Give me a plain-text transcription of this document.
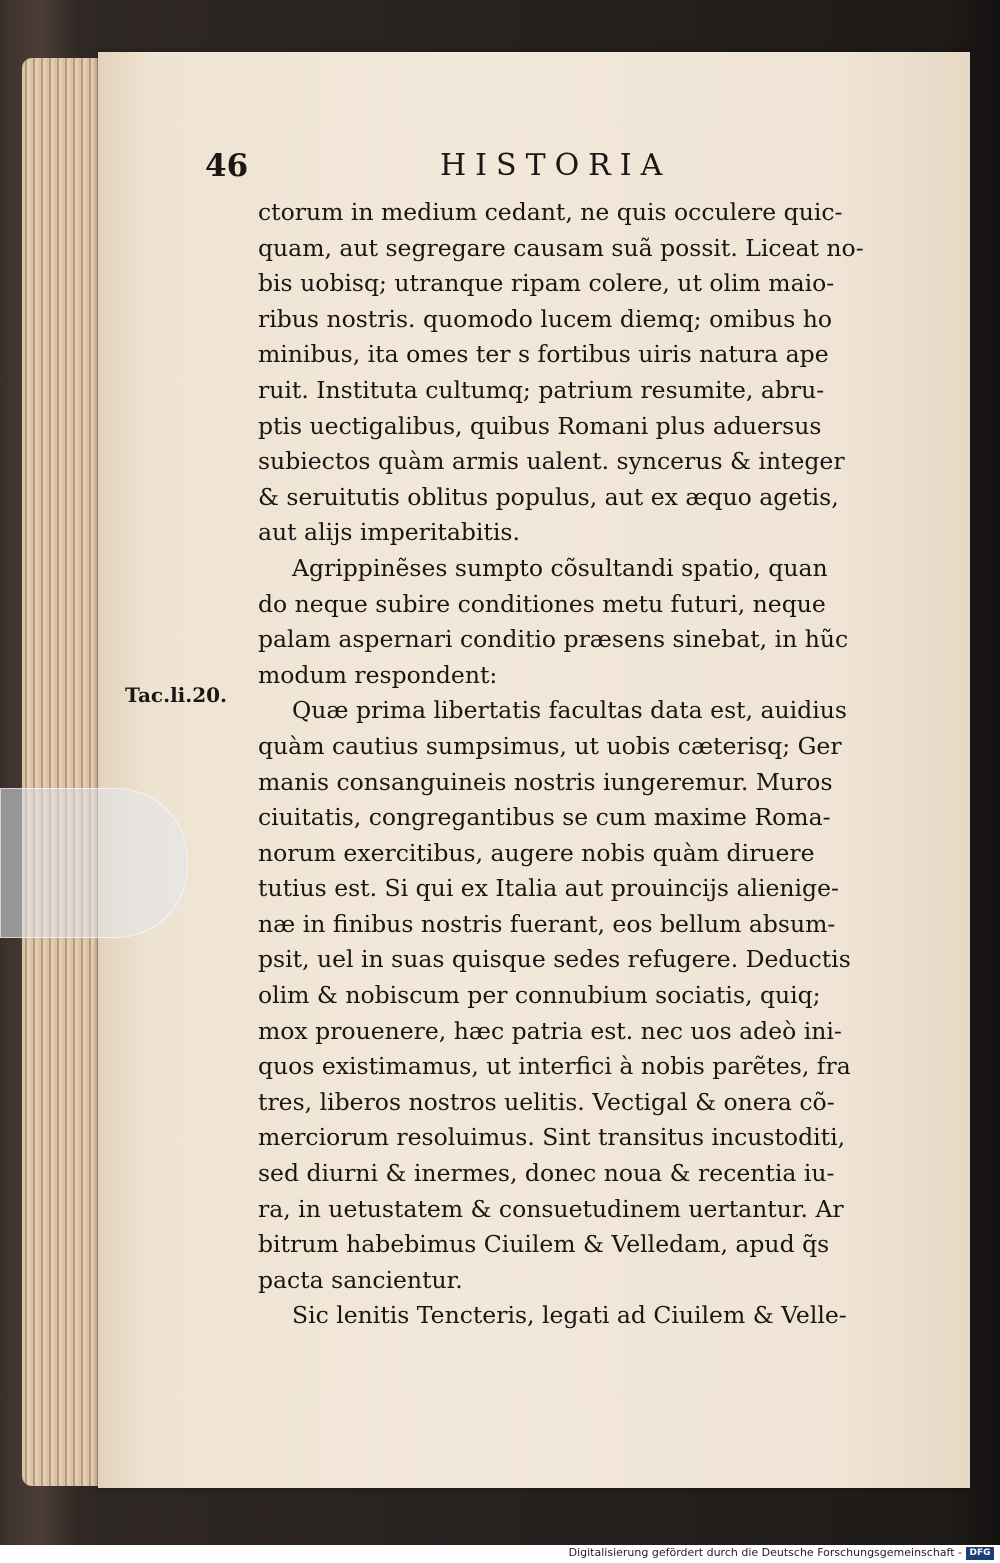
46	HISTORIA
Tac.li.20.
ctorum in medium cedant, ne quis occulere quic-
quam, aut segregare causam suã possit. Liceat no-
bis uobisq; utranque ripam colere, ut olim maio-
ribus nostris. quomodo lucem diemq; omibus ho
minibus, ita omes ter s fortibus uiris natura ape
ruit. Instituta cultumq; patrium resumite, abru-
ptis uectigalibus, quibus Romani plus aduersus
subiectos quàm armis ualent. syncerus & integer
& seruitutis oblitus populus, aut ex æquo agetis,
aut alijs imperitabitis.
Agrippinẽses sumpto cõsultandi spatio, quan
do neque subire conditiones metu futuri, neque
palam aspernari conditio præsens sinebat, in hũc
modum respondent:
Quæ prima libertatis facultas data est, auidius
quàm cautius sumpsimus, ut uobis cæterisq; Ger
manis consanguineis nostris iungeremur. Muros
ciuitatis, congregantibus se cum maxime Roma-
norum exercitibus, augere nobis quàm diruere
tutius est. Si qui ex Italia aut prouincijs alienige-
næ in finibus nostris fuerant, eos bellum absum-
psit, uel in suas quisque sedes refugere. Deductis
olim & nobiscum per connubium sociatis, quiq;
mox prouenere, hæc patria est. nec uos adeò ini-
quos existimamus, ut interfici à nobis parẽtes, fra
tres, liberos nostros uelitis. Vectigal & onera cõ-
merciorum resoluimus. Sint transitus incustoditi,
sed diurni & inermes, donec noua & recentia iu-
ra, in uetustatem & consuetudinem uertantur. Ar
bitrum habebimus Ciuilem & Velledam, apud q̃s
pacta sancientur.
Sic lenitis Tencteris, legati ad Ciuilem & Velle-
Digitalisierung gefördert durch die Deutsche Forschungsgemeinschaft - DFG
